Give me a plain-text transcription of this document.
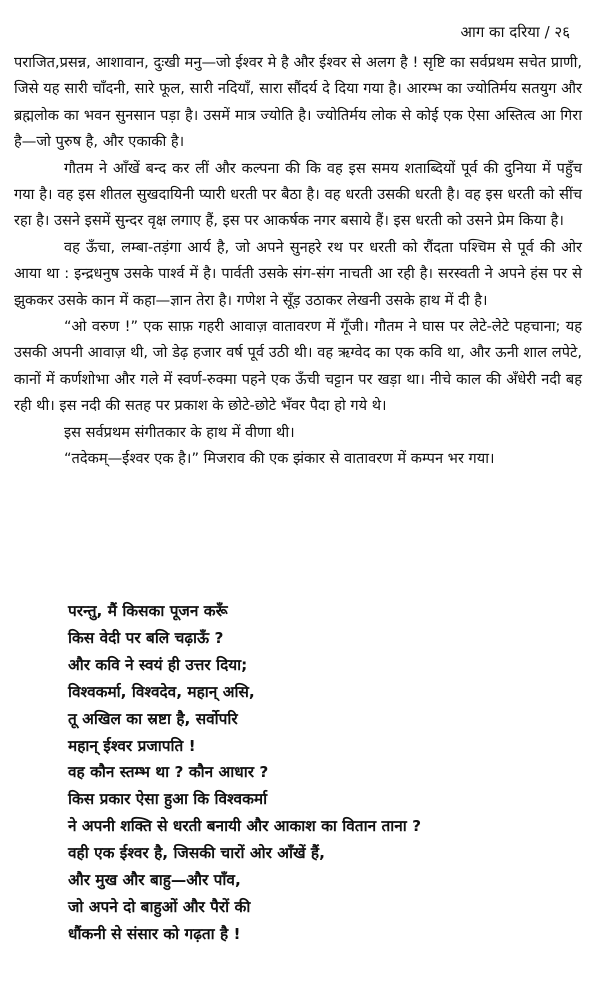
आग का दरिया / २६

पराजित,प्रसन्न, आशावान, दुःखी मनु—जो ईश्वर मे है और ईश्वर से अलग है ! सृष्टि का सर्वप्रथम सचेत प्राणी, जिसे यह सारी चाँदनी, सारे फूल, सारी नदियाँ, सारा सौंदर्य दे दिया गया है। आरम्भ का ज्योतिर्मय सतयुग और ब्रह्मलोक का भवन सुनसान पड़ा है। उसमें मात्र ज्योति है। ज्योतिर्मय लोक से कोई एक ऐसा अस्तित्व आ गिरा है—जो पुरुष है, और एकाकी है।

गौतम ने आँखें बन्द कर लीं और कल्पना की कि वह इस समय शताब्दियों पूर्व की दुनिया में पहुँच गया है। वह इस शीतल सुखदायिनी प्यारी धरती पर बैठा है। वह धरती उसकी धरती है। वह इस धरती को सींच रहा है। उसने इसमें सुन्दर वृक्ष लगाए हैं, इस पर आकर्षक नगर बसाये हैं। इस धरती को उसने प्रेम किया है।

वह ऊँचा, लम्बा-तड़ंगा आर्य है, जो अपने सुनहरे रथ पर धरती को रौंदता पश्चिम से पूर्व की ओर आया था : इन्द्रधनुष उसके पार्श्व में है। पार्वती उसके संग-संग नाचती आ रही है। सरस्वती ने अपने हंस पर से झुककर उसके कान में कहा—ज्ञान तेरा है। गणेश ने सूँड़ उठाकर लेखनी उसके हाथ में दी है।

“ओ वरुण !” एक साफ़ गहरी आवाज़ वातावरण में गूँजी। गौतम ने घास पर लेटे-लेटे पहचाना; यह उसकी अपनी आवाज़ थी, जो डेढ़ हजार वर्ष पूर्व उठी थी। वह ऋग्वेद का एक कवि था, और ऊनी शाल लपेटे, कानों में कर्णशोभा और गले में स्वर्ण-रुक्मा पहने एक ऊँची चट्टान पर खड़ा था। नीचे काल की अँधेरी नदी बह रही थी। इस नदी की सतह पर प्रकाश के छोटे-छोटे भँवर पैदा हो गये थे।

इस सर्वप्रथम संगीतकार के हाथ में वीणा थी।

“तदेकम्—ईश्वर एक है।” मिजराव की एक झंकार से वातावरण में कम्पन भर गया।

परन्तु, मैं किसका पूजन करूँ
किस वेदी पर बलि चढ़ाऊँ ?
और कवि ने स्वयं ही उत्तर दिया;
विश्वकर्मा, विश्वदेव, महान् असि,
तू अखिल का स्रष्टा है, सर्वोपरि
महान् ईश्वर प्रजापति !
वह कौन स्तम्भ था ? कौन आधार ?
किस प्रकार ऐसा हुआ कि विश्वकर्मा
ने अपनी शक्ति से धरती बनायी और आकाश का वितान ताना ?
वही एक ईश्वर है, जिसकी चारों ओर आँखें हैं,
और मुख और बाहु—और पाँव,
जो अपने दो बाहुओं और पैरों की
धौंकनी से संसार को गढ़ता है !
